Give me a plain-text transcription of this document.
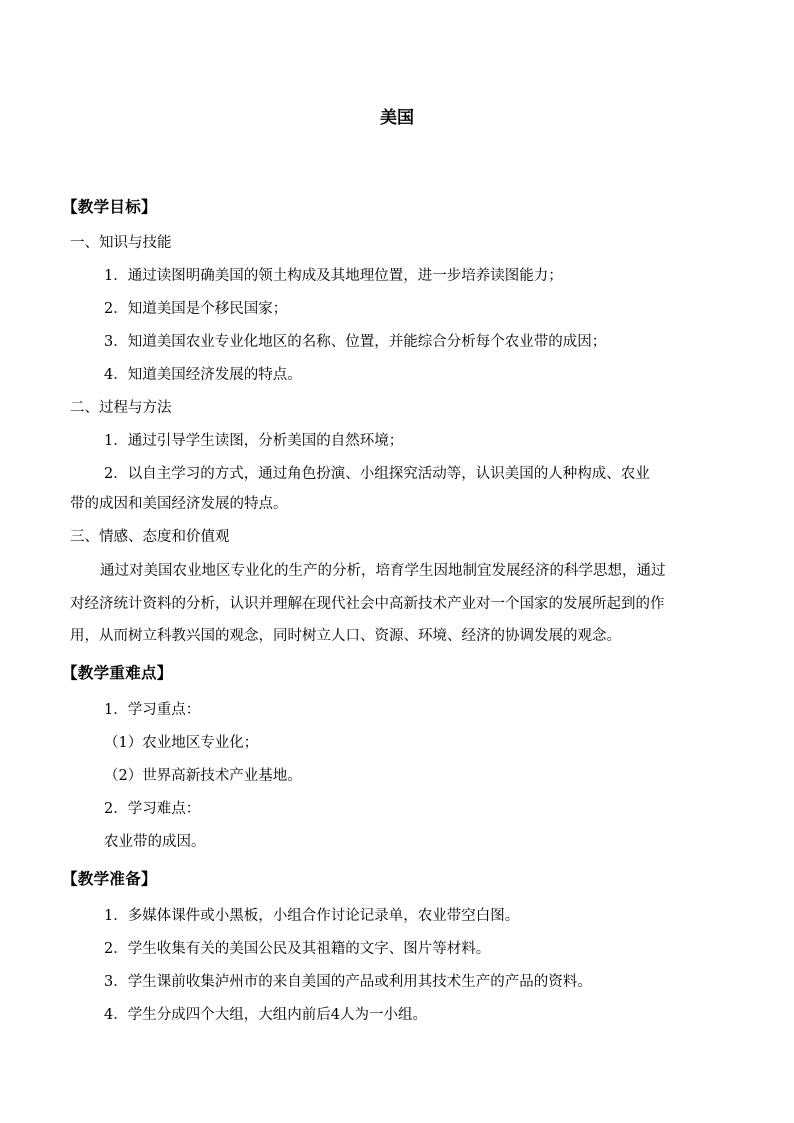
美国
【教学目标】
一、知识与技能
1．通过读图明确美国的领土构成及其地理位置，进一步培养读图能力；
2．知道美国是个移民国家；
3．知道美国农业专业化地区的名称、位置，并能综合分析每个农业带的成因；
4．知道美国经济发展的特点。
二、过程与方法
1．通过引导学生读图，分析美国的自然环境；
2．以自主学习的方式，通过角色扮演、小组探究活动等，认识美国的人种构成、农业
带的成因和美国经济发展的特点。
三、情感、态度和价值观
通过对美国农业地区专业化的生产的分析，培育学生因地制宜发展经济的科学思想，通过
对经济统计资料的分析，认识并理解在现代社会中高新技术产业对一个国家的发展所起到的作
用，从而树立科教兴国的观念，同时树立人口、资源、环境、经济的协调发展的观念。
【教学重难点】
1．学习重点：
（1）农业地区专业化；
（2）世界高新技术产业基地。
2．学习难点：
农业带的成因。
【教学准备】
1．多媒体课件或小黑板，小组合作讨论记录单，农业带空白图。
2．学生收集有关的美国公民及其祖籍的文字、图片等材料。
3．学生课前收集泸州市的来自美国的产品或利用其技术生产的产品的资料。
4．学生分成四个大组，大组内前后4人为一小组。
